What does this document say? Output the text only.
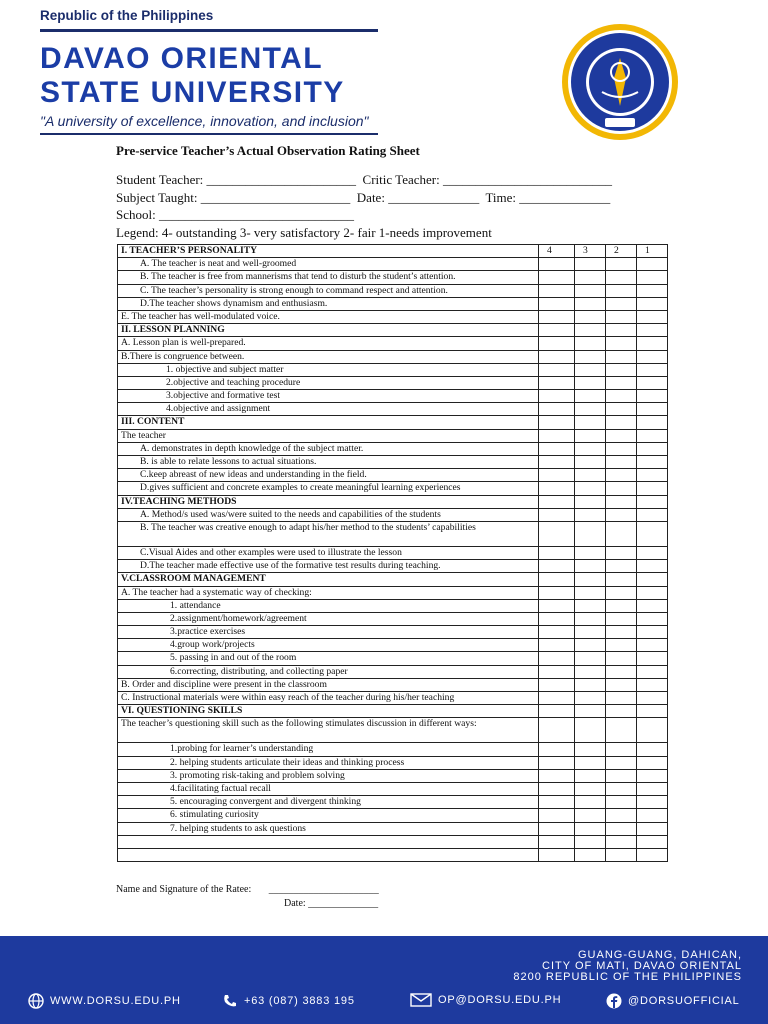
Republic of the Philippines
DAVAO ORIENTAL
STATE UNIVERSITY
"A university of excellence, innovation, and inclusion"
Pre-service Teacher’s Actual Observation Rating Sheet
Student Teacher: _______________________  Critic Teacher: __________________________
Subject Taught: _______________________  Date: ______________  Time: ______________
School: ______________________________
Legend: 4- outstanding 3- very satisfactory 2- fair 1-needs improvement
I. TEACHER’S PERSONALITY	4	3	2	1
A. The teacher is neat and well-groomed				
B. The teacher is free from mannerisms that tend to disturb the student’s attention.				
C. The teacher’s personality is strong enough to command respect and attention.				
D.The teacher shows dynamism and enthusiasm.				
E. The teacher has well-modulated voice.				
II. LESSON PLANNING				
A. Lesson plan is well-prepared.				
B.There is congruence between.				
1. objective and subject matter				
2.objective and teaching procedure				
3.objective and formative test				
4.objective and assignment				
III. CONTENT				
The teacher				
A. demonstrates in depth knowledge of the subject matter.				
B. is able to relate lessons to actual situations.				
C.keep abreast of new ideas and understanding in the field.				
D.gives sufficient and concrete examples to create meaningful learning experiences				
IV.TEACHING METHODS				
A. Method/s used was/were suited to the needs and capabilities of the students				
B. The teacher was creative enough to adapt his/her method to the students’ capabilities				
C.Visual Aides and other examples were used to illustrate the lesson				
D.The teacher made effective use of the formative test results during teaching.				
V.CLASSROOM MANAGEMENT				
A. The teacher had a systematic way of checking:				
1. attendance				
2.assignment/homework/agreement				
3.practice exercises				
4.group work/projects				
5. passing in and out of the room				
6.correcting, distributing, and collecting paper				
B. Order and discipline were present in the classroom				
C. Instructional materials were within easy reach of the teacher during his/her teaching				
VI. QUESTIONING SKILLS				
The teacher’s questioning skill such as the following stimulates discussion in different ways:				
1.probing for learner’s understanding				
2. helping students articulate their ideas and thinking process				
3. promoting risk-taking and problem solving				
4.facilitating factual recall				
5. encouraging convergent and divergent thinking				
6. stimulating curiosity				
7. helping students to ask questions				

Name and Signature of the Ratee:       ______________________
Date: ______________
GUANG-GUANG, DAHICAN,
CITY OF MATI, DAVAO ORIENTAL
8200 REPUBLIC OF THE PHILIPPINES
WWW.DORSU.EDU.PH	+63 (087) 3883 195	OP@DORSU.EDU.PH	@DORSUOFFICIAL
